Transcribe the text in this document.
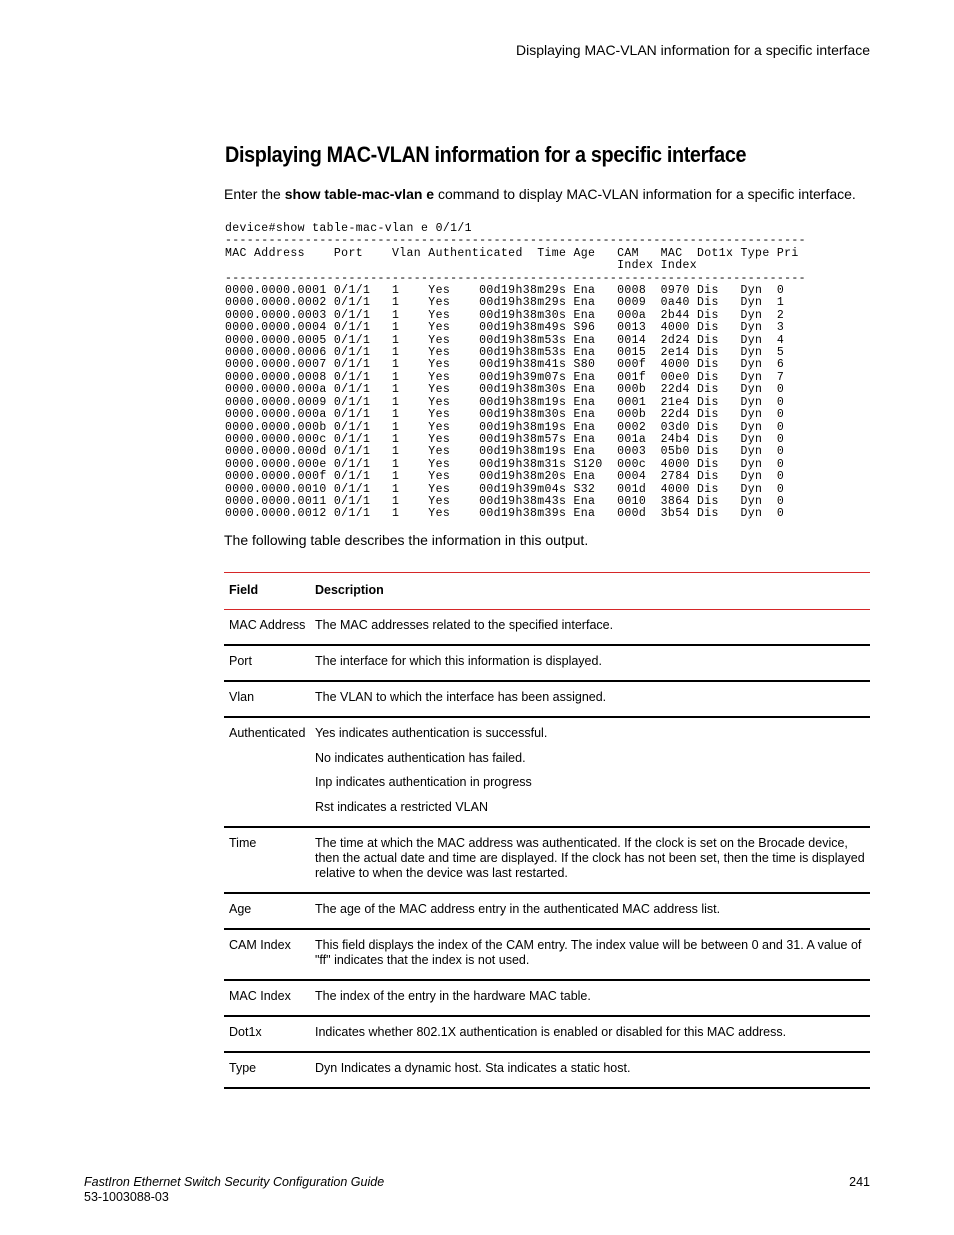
Displaying MAC-VLAN information for a specific interface
Displaying MAC-VLAN information for a specific interface

Enter the show table-mac-vlan e command to display MAC-VLAN information for a specific interface.

device#show table-mac-vlan e 0/1/1
--------------------------------------------------------------------------------
MAC Address    Port    Vlan Authenticated  Time Age   CAM   MAC  Dot1x Type Pri
Index Index
--------------------------------------------------------------------------------
0000.0000.0001 0/1/1   1    Yes    00d19h38m29s Ena   0008  0970 Dis   Dyn  0
0000.0000.0002 0/1/1   1    Yes    00d19h38m29s Ena   0009  0a40 Dis   Dyn  1
0000.0000.0003 0/1/1   1    Yes    00d19h38m30s Ena   000a  2b44 Dis   Dyn  2
0000.0000.0004 0/1/1   1    Yes    00d19h38m49s S96   0013  4000 Dis   Dyn  3
0000.0000.0005 0/1/1   1    Yes    00d19h38m53s Ena   0014  2d24 Dis   Dyn  4
0000.0000.0006 0/1/1   1    Yes    00d19h38m53s Ena   0015  2e14 Dis   Dyn  5
0000.0000.0007 0/1/1   1    Yes    00d19h38m41s S80   000f  4000 Dis   Dyn  6
0000.0000.0008 0/1/1   1    Yes    00d19h39m07s Ena   001f  00e0 Dis   Dyn  7
0000.0000.000a 0/1/1   1    Yes    00d19h38m30s Ena   000b  22d4 Dis   Dyn  0
0000.0000.0009 0/1/1   1    Yes    00d19h38m19s Ena   0001  21e4 Dis   Dyn  0
0000.0000.000a 0/1/1   1    Yes    00d19h38m30s Ena   000b  22d4 Dis   Dyn  0
0000.0000.000b 0/1/1   1    Yes    00d19h38m19s Ena   0002  03d0 Dis   Dyn  0
0000.0000.000c 0/1/1   1    Yes    00d19h38m57s Ena   001a  24b4 Dis   Dyn  0
0000.0000.000d 0/1/1   1    Yes    00d19h38m19s Ena   0003  05b0 Dis   Dyn  0
0000.0000.000e 0/1/1   1    Yes    00d19h38m31s S120  000c  4000 Dis   Dyn  0
0000.0000.000f 0/1/1   1    Yes    00d19h38m20s Ena   0004  2784 Dis   Dyn  0
0000.0000.0010 0/1/1   1    Yes    00d19h39m04s S32   001d  4000 Dis   Dyn  0
0000.0000.0011 0/1/1   1    Yes    00d19h38m43s Ena   0010  3864 Dis   Dyn  0
0000.0000.0012 0/1/1   1    Yes    00d19h38m39s Ena   000d  3b54 Dis   Dyn  0

The following table describes the information in this output.

Field	Description
MAC Address	The MAC addresses related to the specified interface.

Port	The interface for which this information is displayed.

Vlan	The VLAN to which the interface has been assigned.

Authenticated	Yes indicates authentication is successful.
No indicates authentication has failed.
Inp indicates authentication in progress
Rst indicates a restricted VLAN

Time	The time at which the MAC address was authenticated. If the clock is set on the Brocade device, then the actual date and time are displayed. If the clock has not been set, then the time is displayed relative to when the device was last restarted.

Age	The age of the MAC address entry in the authenticated MAC address list.

CAM Index	This field displays the index of the CAM entry. The index value will be between 0 and 31. A value of "ff" indicates that the index is not used.

MAC Index	The index of the entry in the hardware MAC table.

Dot1x	Indicates whether 802.1X authentication is enabled or disabled for this MAC address.

Type	Dyn Indicates a dynamic host. Sta indicates a static host.
FastIron Ethernet Switch Security Configuration Guide
53-1003088-03
241
